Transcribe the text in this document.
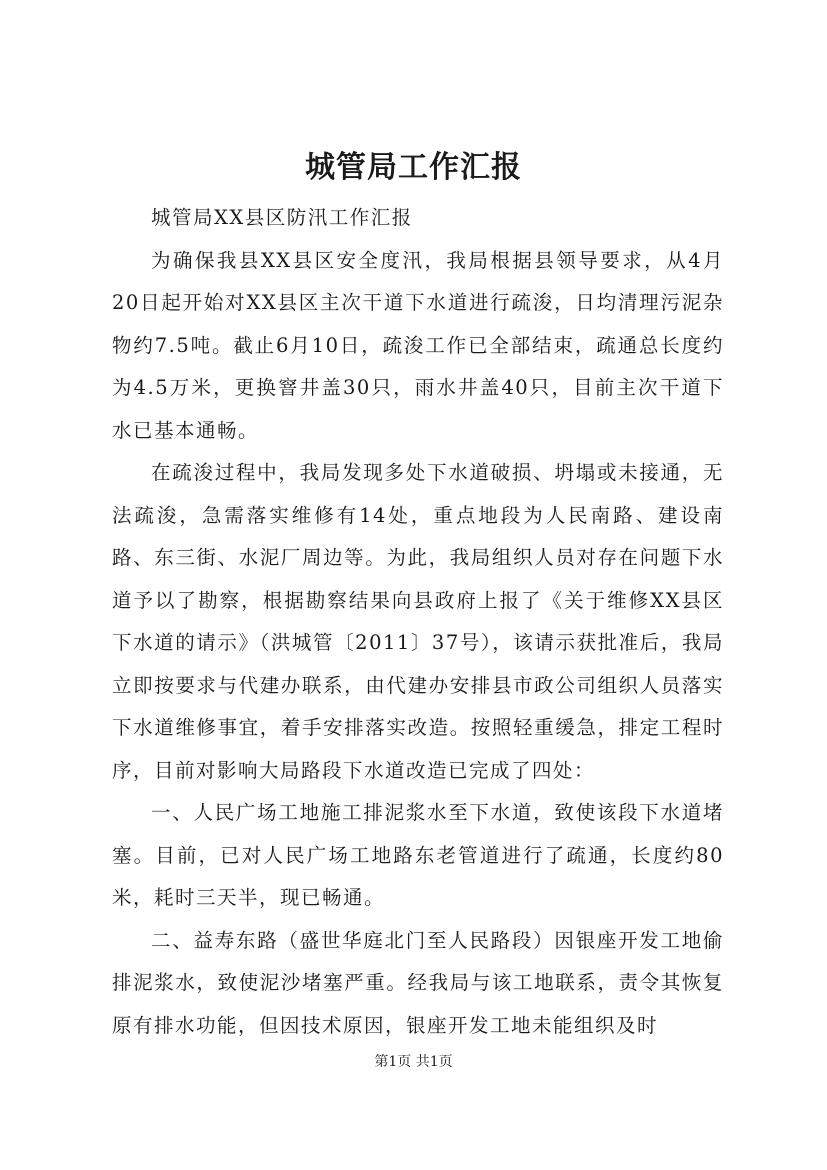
城管局工作汇报

城管局XX县区防汛工作汇报

为确保我县XX县区安全度汛，我局根据县领导要求，从4月20日起开始对XX县区主次干道下水道进行疏浚，日均清理污泥杂物约7.5吨。截止6月10日，疏浚工作已全部结束，疏通总长度约为4.5万米，更换窨井盖30只，雨水井盖40只，目前主次干道下水已基本通畅。

在疏浚过程中，我局发现多处下水道破损、坍塌或未接通，无法疏浚，急需落实维修有14处，重点地段为人民南路、建设南路、东三街、水泥厂周边等。为此，我局组织人员对存在问题下水道予以了勘察，根据勘察结果向县政府上报了《关于维修XX县区下水道的请示》（洪城管〔2011〕37号），该请示获批准后，我局立即按要求与代建办联系，由代建办安排县市政公司组织人员落实下水道维修事宜，着手安排落实改造。按照轻重缓急，排定工程时序，目前对影响大局路段下水道改造已完成了四处：

一、人民广场工地施工排泥浆水至下水道，致使该段下水道堵塞。目前，已对人民广场工地路东老管道进行了疏通，长度约80米，耗时三天半，现已畅通。

二、益寿东路（盛世华庭北门至人民路段）因银座开发工地偷排泥浆水，致使泥沙堵塞严重。经我局与该工地联系，责令其恢复原有排水功能，但因技术原因，银座开发工地未能组织及时

第1页 共1页
